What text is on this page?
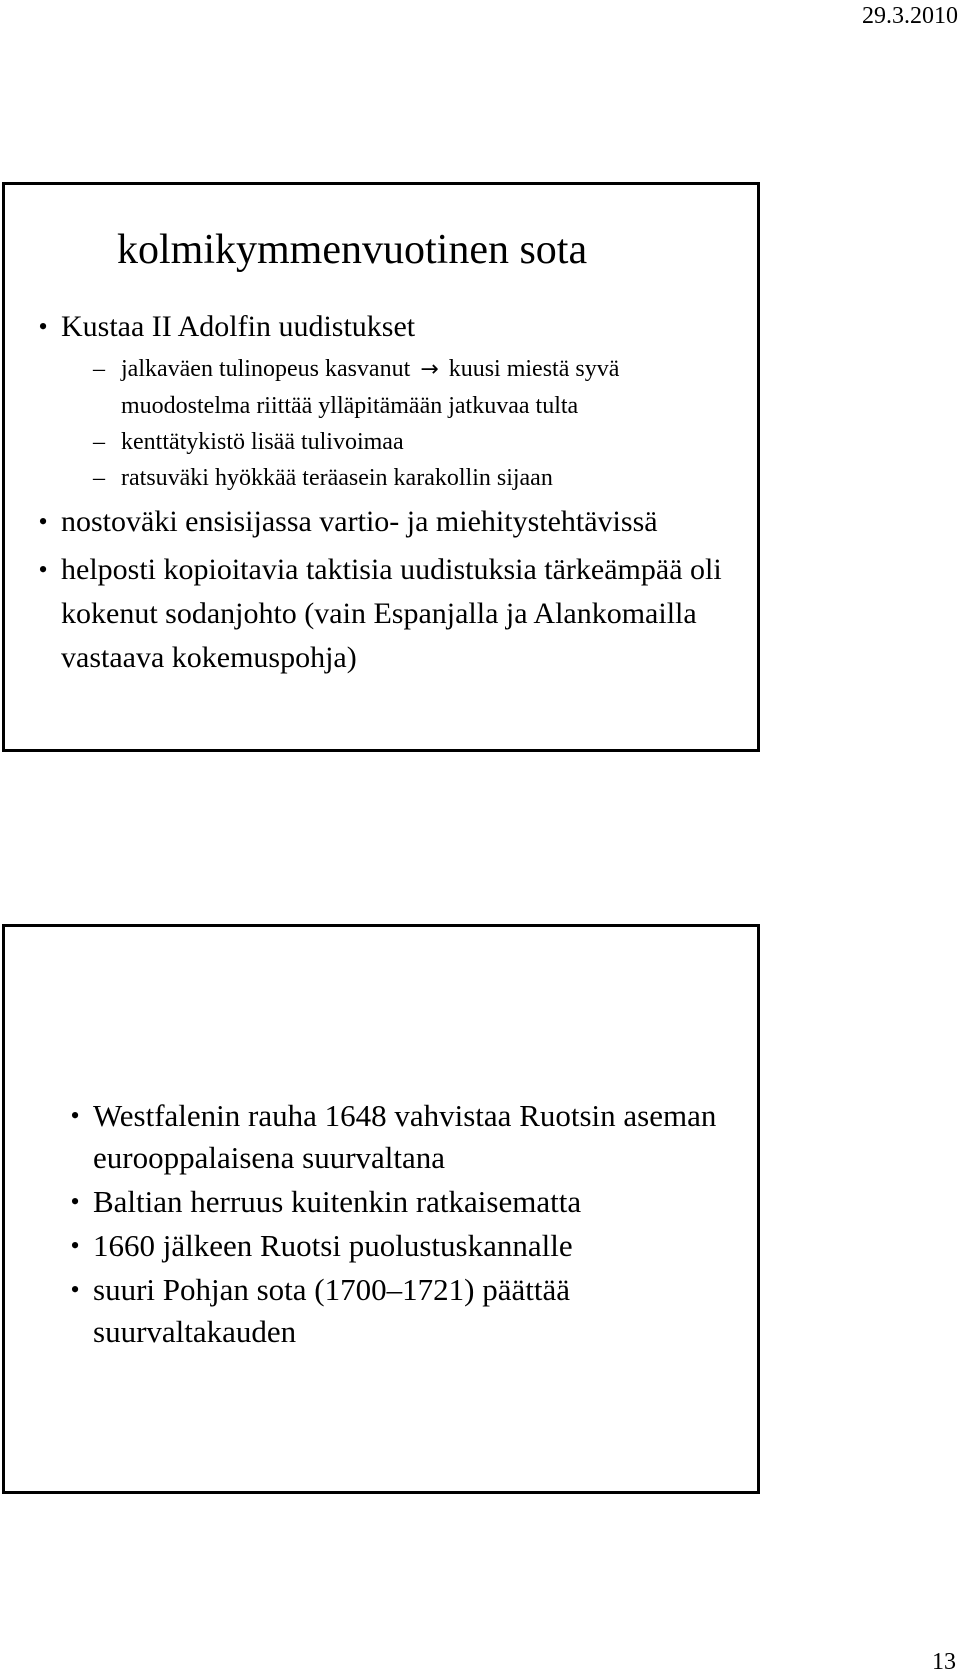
29.3.2010
kolmikymmenvuotinen sota
• Kustaa II Adolfin uudistukset
– jalkaväen tulinopeus kasvanut → kuusi miestä syvä muodostelma riittää ylläpitämään jatkuvaa tulta
– kenttätykistö lisää tulivoimaa
– ratsuväki hyökkää teräasein karakollin sijaan
• nostoväki ensisijassa vartio- ja miehitystehtävissä
• helposti kopioitavia taktisia uudistuksia tärkeämpää oli kokenut sodanjohto (vain Espanjalla ja Alankomailla vastaava kokemuspohja)
• Westfalenin rauha 1648 vahvistaa Ruotsin aseman eurooppalaisena suurvaltana
• Baltian herruus kuitenkin ratkaisematta
• 1660 jälkeen Ruotsi puolustuskannalle
• suuri Pohjan sota (1700–1721) päättää suurvaltakauden
13
